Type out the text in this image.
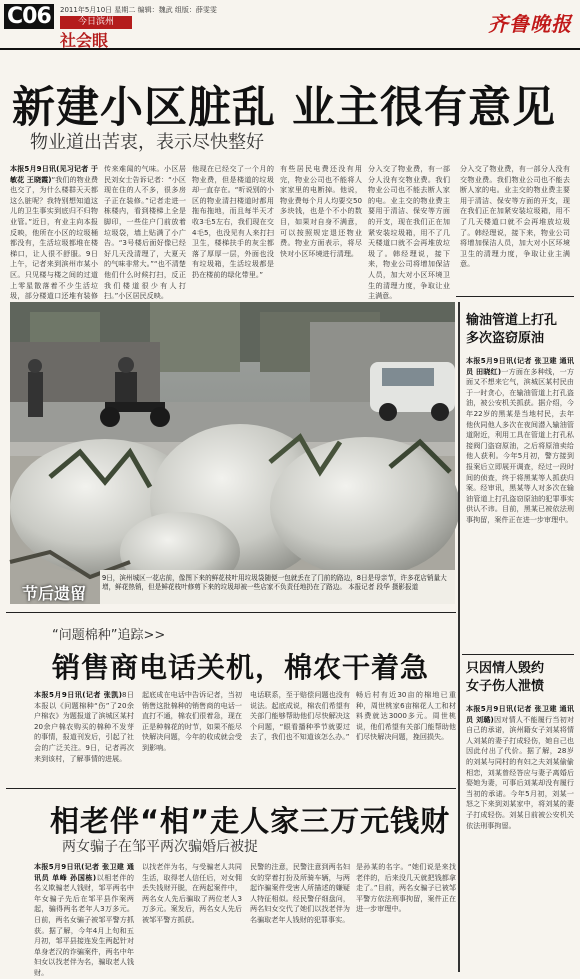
C06	2011年5月10日 星期二 编辑：魏武 组版：薛雯雯
今日滨州
社会眼
齐鲁晚报
新建小区脏乱 业主很有意见
物业道出苦衷，表示尽快整好
本报5月9日讯(见习记者 于敏花 王晓霞)“我们的物业费也交了，为什么楼群天天都这么脏呢？我特别想知道这儿的卫生事实到底归不归物业管。”近日，有业主向本报反映，他所在小区的垃圾桶都没有，生活垃圾都堆在楼梯口，让人很不舒服。9日上午，记者来到滨州市某小区。只见楼与楼之间的过道上零星散落着不少生活垃圾，部分楼道口还堆有装修
传来难闻的气味。小区居民刘女士告诉记者：“小区现在住的人不多，很多房子正在装修。”记者走进一栋楼内，看到楼梯上全是脚印，一些住户门前放着垃圾袋，墙上贴满了小广告。“3号楼后面好像已经好几天没清理了，大夏天的气味非常大。”“也不清楚他们什么时候打扫，反正我们楼道很少有人打扫。”小区居民反映。
他现在已经交了一个月的物业费，但是楼道的垃圾却一直存在。“听说别的小区的物业清扫楼道时都用拖布拖地，而且每半天才收3毛5左右，我们现在交4毛5，也没见有人来打扫卫生，楼梯扶手的灰尘都落了厚厚一层，外面也没有垃圾箱，生活垃圾都是扔在楼前的绿化带里。”
有些居民电费还没有用完，物业公司也不能将人家家里的电断掉。他说，物业费每个月人均要交50多块钱，也是个不小的数目，如果对自身不满意，可以按照规定退还物业费。物业方面表示，将尽快对小区环境进行清理。
分入交了物业费，有一部分人没有交物业费。我们物业公司也不能去断人家的电。业主交的物业费主要用于清洁、保安等方面的开支，现在我们正在加紧安装垃圾箱，用不了几天楼道口就不会再堆放垃圾了。韩经理说，接下来，物业公司将增加保洁人员，加大对小区环境卫生的清理力度，争取让业主满意。
分入交了物业费，有一部分人没有交物业费。我们物业公司也不能去断人家的电。业主交的物业费主要用于清洁、保安等方面的开支，现在我们正在加紧安装垃圾箱，用不了几天楼道口就不会再堆放垃圾了。韩经理说，接下来，物业公司将增加保洁人员，加大对小区环境卫生的清理力度，争取让业主满意。
节后遗留
9日，滨州城区一花店前，像图下来的鲜花枝叶用垃圾袋随便一包就丢在了门前的路边，8日是母亲节，许多花店销量大增，鲜花热销，但是鲜花枝叶修剪下来的垃圾却被一些店家不负责任地扔在了路边。 本报记者 段华 摄影报道
输油管道上打孔
多次盗窃原油
本报5月9日讯(记者 张卫建 通讯员 田晓红)一方面在多种线，一方面又不想来它气，滨城区某村民由于一时贪心，在输油管道上打孔盗油，被公安机关抓获。据介绍，今年22岁的黑某是当地村民，去年他伙同他人多次在夜间潜入输油管道附近，利用工具在管道上打孔私接阀门盗窃原油，之后将原油卖给他人获利。今年5月初，警方接到报案后立即展开调查，经过一段时间的侦查，终于将黑某等人抓获归案。经审讯，黑某等人对多次在输油管道上打孔盗窃原油的犯罪事实供认不讳。目前，黑某已被依法刑事拘留，案件正在进一步审理中。
只因情人毁约
女子伤人泄愤
本报5月9日讯(记者 张卫建 通讯员 刘璐)因对情人不能履行当初对自己的承诺，滨州籍女子刘某将情人刘某的妻子打成轻伤，她自己也因此付出了代价。据了解，28岁的刘某与同村的有妇之夫刘某偷偷相恋，刘某曾经答应与妻子离婚后娶她为妻，可事后刘某却没有履行当初的承诺。今年5月初，刘某一怒之下来到刘某家中，将刘某的妻子打成轻伤。刘某日前被公安机关依法刑事拘留。
“问题棉种”追踪>>
销售商电话关机，棉农干着急
本报5月9日讯(记者 张凯)8日本报以《问题棉种“伤”了20余户棉农》为题报道了滨城区某村20余户棉农购买的棉种不发芽的事情，报道刊发后，引起了社会的广泛关注。9日，记者再次来到该村，了解事情的进展。
起底成在电话中告诉记者，当初销售这批棉种的销售商的电话一直打不通，棉农们很着急，现在正是种棉花的时节，如果不能尽快解决问题，今年的收成就会受到影响。
电话联系，至于赔偿问题也没有说法。起底成说，棉农们希望有关部门能够帮助他们尽快解决这个问题，“眼看播种季节就要过去了，我们也不知道该怎么办。”
畅后村有近30亩的棉地已重种，周世桃家6亩棉花人工和材料费就达3000多元。周世桃说，他们希望有关部门能帮助他们尽快解决问题，挽回损失。
相老伴“相”走人家三万元钱财
两女骗子在邹平两次骗婚后被捉
本报5月9日讯(记者 张卫建 通讯员 单峰 孙国栋)以相老伴的名义欺骗老人钱财，邹平两名中年女骗子先后在邹平县作案两起，骗得两名老年人3万多元。日前，两名女骗子被邹平警方抓获。据了解，今年4月上旬和五月初，邹平县接连发生两起针对单身老汉的诈骗案件，两名中年妇女以找老伴为名，骗取老人钱财。
以找老伴为名，与受骗老人共同生活，取得老人信任后，对女佣丢失钱财开脱，在两起案件中，两名女人先后骗取了两位老人3万多元。案发后，两名女人先后被邹平警方抓获。
民警的注意，民警注意到两名妇女的穿着打扮及所骑车辆，与两起诈骗案件受害人所描述的嫌疑人特征相似。经民警仔细盘问，两名妇女交代了她们以找老伴为名骗取老年人钱财的犯罪事实。
是孙某的名字。“她们说是来找老伴的，后来没几天就把钱都拿走了。”目前，两名女骗子已被邹平警方依法刑事拘留，案件正在进一步审理中。
